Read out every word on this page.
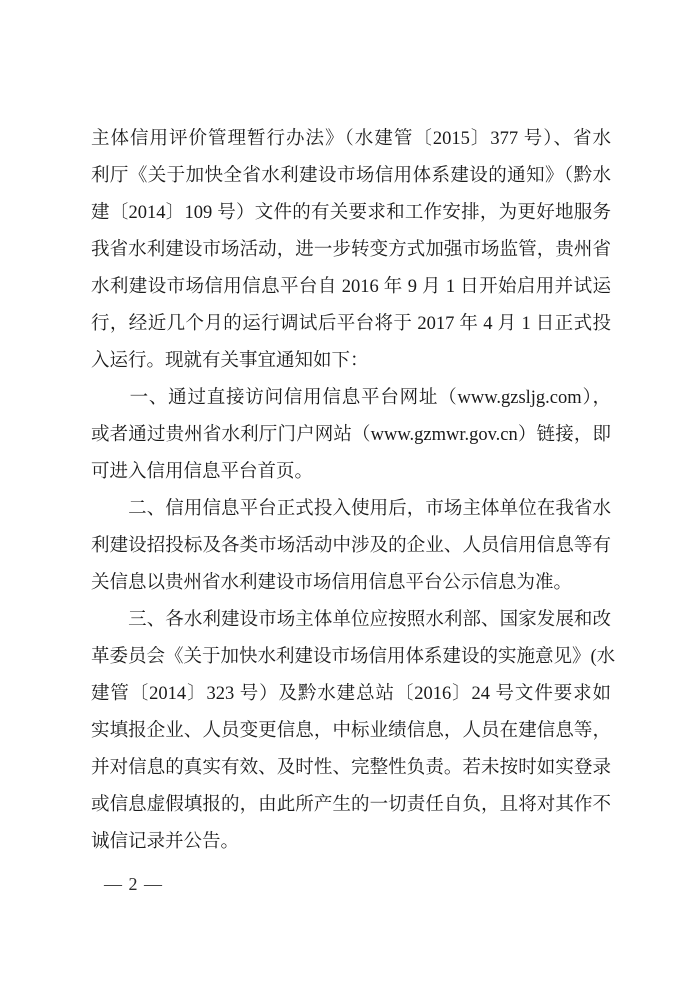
主体信用评价管理暂行办法》（水建管〔2015〕377 号）、省水
利厅《关于加快全省水利建设市场信用体系建设的通知》（黔水
建〔2014〕109 号）文件的有关要求和工作安排，为更好地服务
我省水利建设市场活动，进一步转变方式加强市场监管，贵州省
水利建设市场信用信息平台自 2016 年 9 月 1 日开始启用并试运
行，经近几个月的运行调试后平台将于 2017 年 4 月 1 日正式投
入运行。现就有关事宜通知如下：
　　一、通过直接访问信用信息平台网址（www.gzsljg.com），
或者通过贵州省水利厅门户网站（www.gzmwr.gov.cn）链接，即
可进入信用信息平台首页。
　　二、信用信息平台正式投入使用后，市场主体单位在我省水
利建设招投标及各类市场活动中涉及的企业、人员信用信息等有
关信息以贵州省水利建设市场信用信息平台公示信息为准。
　　三、各水利建设市场主体单位应按照水利部、国家发展和改
革委员会《关于加快水利建设市场信用体系建设的实施意见》(水
建管〔2014〕323 号）及黔水建总站〔2016〕24 号文件要求如
实填报企业、人员变更信息，中标业绩信息，人员在建信息等，
并对信息的真实有效、及时性、完整性负责。若未按时如实登录
或信息虚假填报的，由此所产生的一切责任自负，且将对其作不
诚信记录并公告。
— 2 —
